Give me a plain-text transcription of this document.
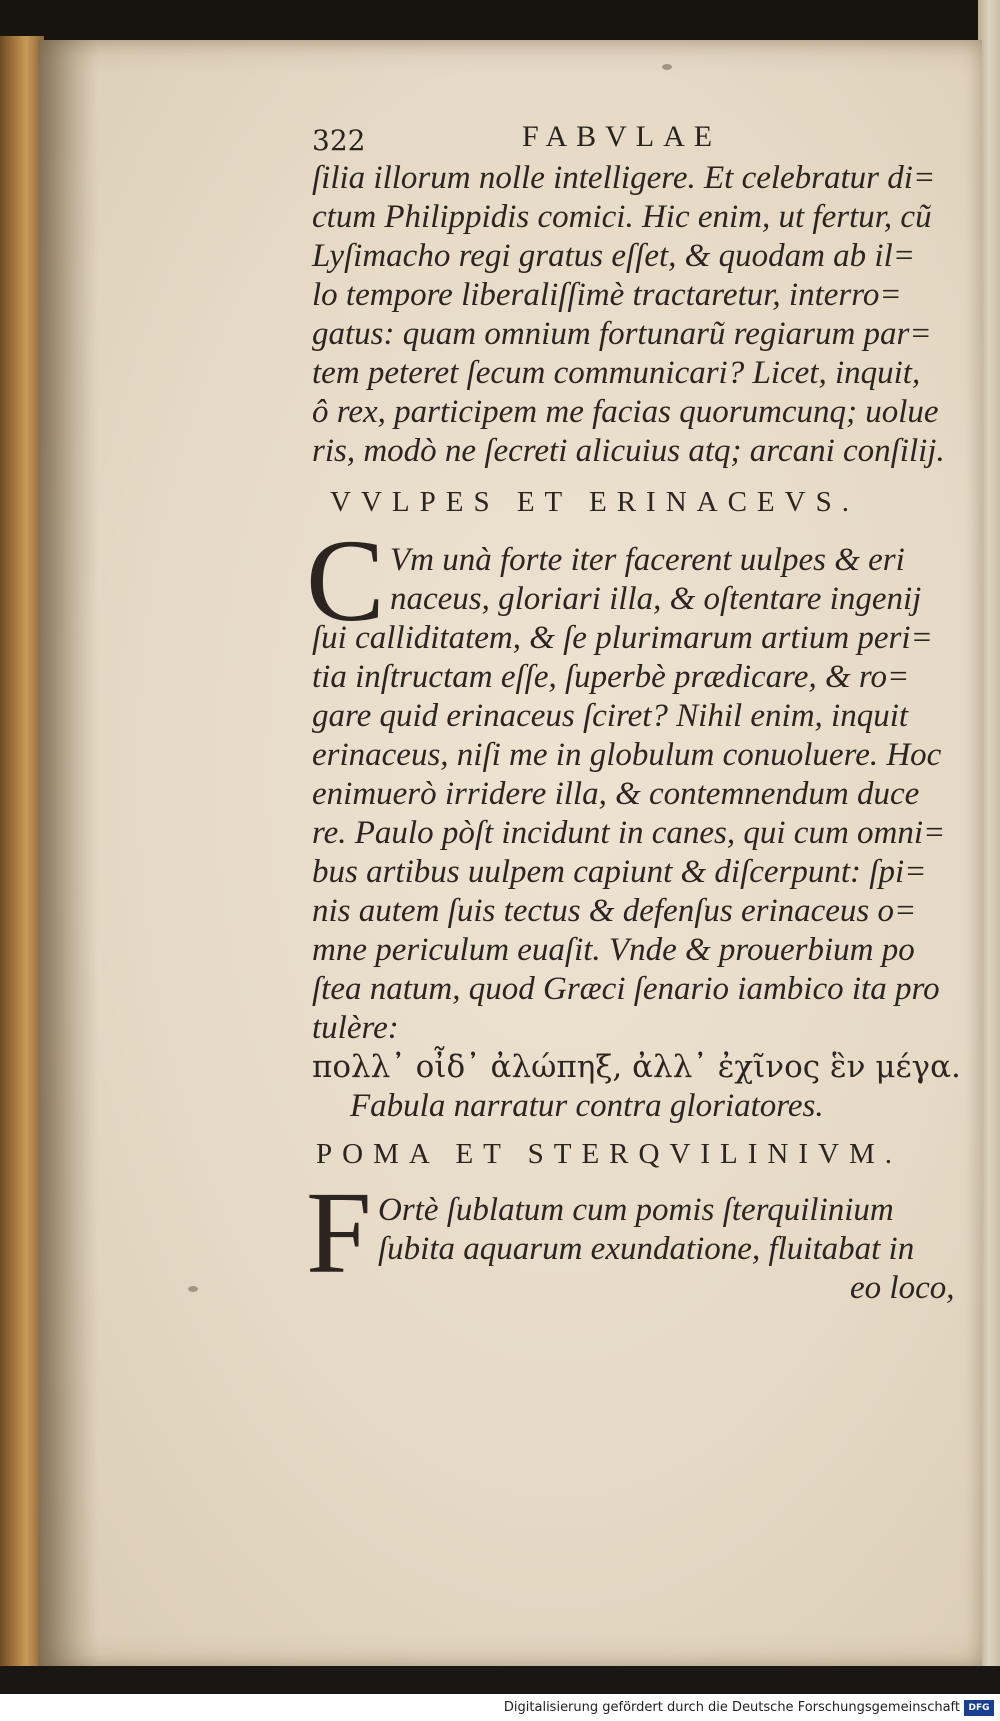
322	FABVLAE
ſilia illorum nolle intelligere. Et celebratur di=
ctum Philippidis comici. Hic enim, ut fertur, cũ
Lyſimacho regi gratus eſſet, & quodam ab il=
lo tempore liberaliſſimè tractaretur, interro=
gatus: quam omnium fortunarũ regiarum par=
tem peteret ſecum communicari? Licet, inquit,
ô rex, participem me facias quorumcunq; uolue
ris, modò ne ſecreti alicuius atq; arcani conſilij.
VVLPES ET ERINACEVS.
C Vm unà forte iter facerent uulpes & eri
naceus, gloriari illa, & oſtentare ingenij
ſui calliditatem, & ſe plurimarum artium peri=
tia inſtructam eſſe, ſuperbè prædicare, & ro=
gare quid erinaceus ſciret? Nihil enim, inquit
erinaceus, niſi me in globulum conuoluere. Hoc
enimuerò irridere illa, & contemnendum duce
re. Paulo pòſt incidunt in canes, qui cum omni=
bus artibus uulpem capiunt & diſcerpunt: ſpi=
nis autem ſuis tectus & defenſus erinaceus o=
mne periculum euaſit. Vnde & prouerbium po
ſtea natum, quod Græci ſenario iambico ita pro
tulère:
πολλ᾽ οἶδ᾽ ἀλώπηξ, ἀλλ᾽ ἐχῖνος ἓν μέγα.
Fabula narratur contra gloriatores.
POMA ET STERQVILINIVM.
F Ortè ſublatum cum pomis ſterquilinium
ſubita aquarum exundatione, fluitabat in
eo loco,
Digitalisierung gefördert durch die Deutsche Forschungsgemeinschaft DFG
